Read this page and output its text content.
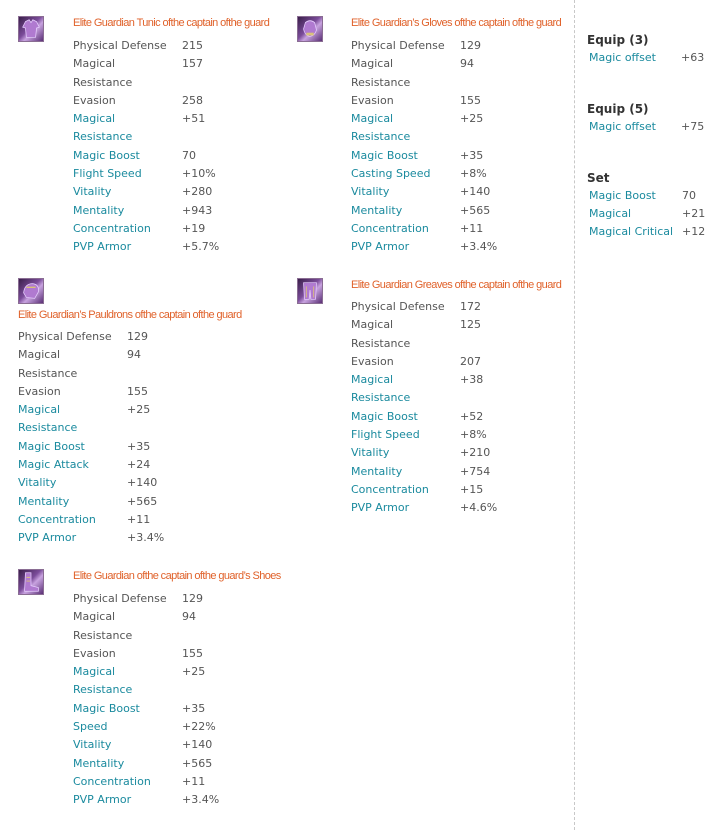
Elite Guardian Tunic ofthe captain ofthe guard
Physical Defense	215
Magical	157
Resistance
Evasion	258
Magical	+51
Resistance
Magic Boost	70
Flight Speed	+10%
Vitality	+280
Mentality	+943
Concentration	+19
PVP Armor	+5.7%
Elite Guardian’s Gloves ofthe captain ofthe guard
Physical Defense	129
Magical	94
Resistance
Evasion	155
Magical	+25
Resistance
Magic Boost	+35
Casting Speed	+8%
Vitality	+140
Mentality	+565
Concentration	+11
PVP Armor	+3.4%
Elite Guardian’s Pauldrons ofthe captain ofthe guard
Physical Defense	129
Magical	94
Resistance
Evasion	155
Magical	+25
Resistance
Magic Boost	+35
Magic Attack	+24
Vitality	+140
Mentality	+565
Concentration	+11
PVP Armor	+3.4%
Elite Guardian Greaves ofthe captain ofthe guard
Physical Defense	172
Magical	125
Resistance
Evasion	207
Magical	+38
Resistance
Magic Boost	+52
Flight Speed	+8%
Vitality	+210
Mentality	+754
Concentration	+15
PVP Armor	+4.6%
Elite Guardian ofthe captain ofthe guard’s Shoes
Physical Defense	129
Magical	94
Resistance
Evasion	155
Magical	+25
Resistance
Magic Boost	+35
Speed	+22%
Vitality	+140
Mentality	+565
Concentration	+11
PVP Armor	+3.4%
Equip (3)
Magic offset	+63
Equip (5)
Magic offset	+75
Set
Magic Boost	70
Magical	+21
Magical Critical +12
